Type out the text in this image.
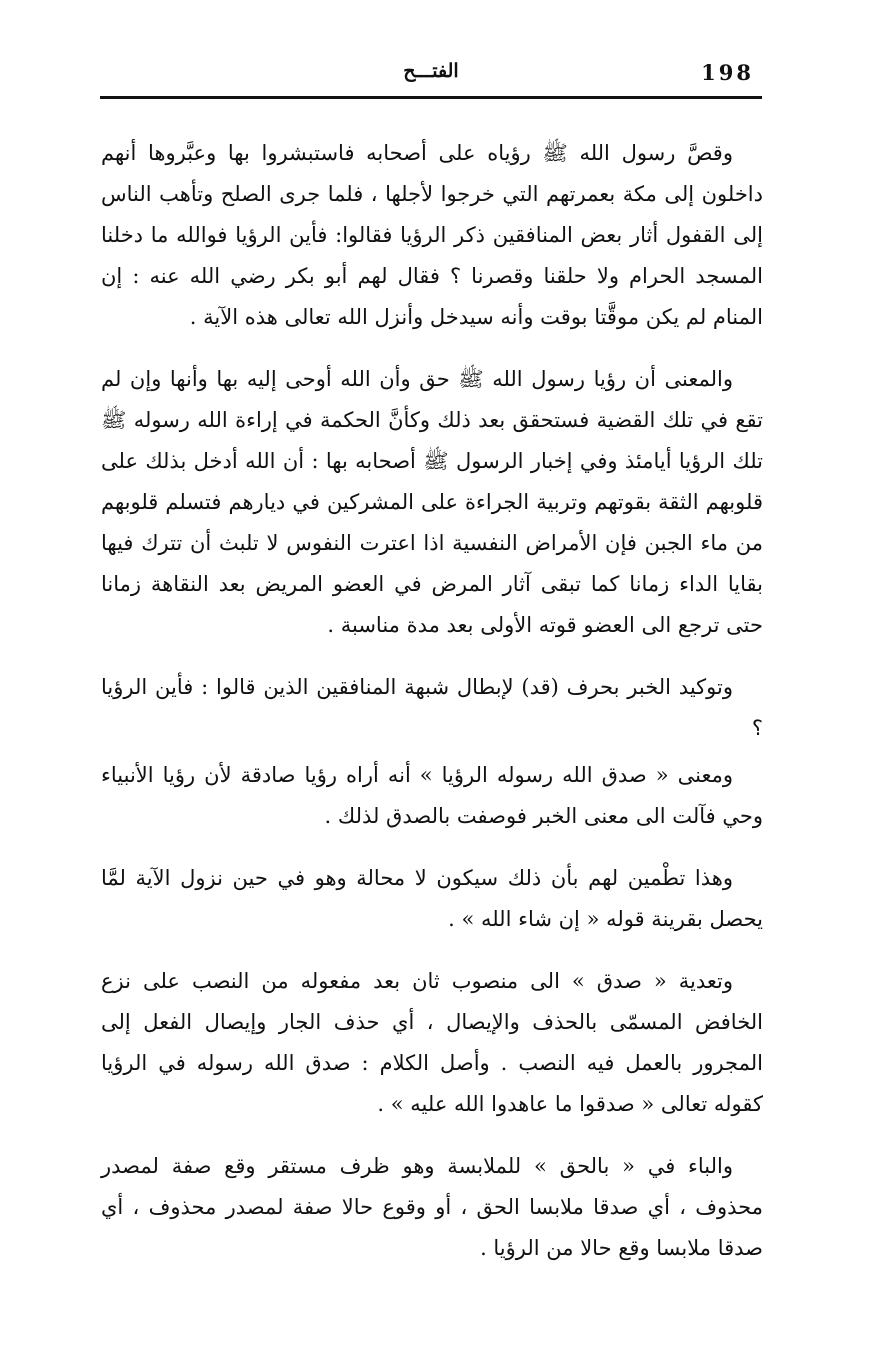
198
الفتـــح

وقصَّ رسول الله ﷺ رؤياه على أصحابه فاستبشروا بها وعبَّروها أنهم داخلون إلى مكة بعمرتهم التي خرجوا لأجلها ، فلما جرى الصلح وتأهب الناس إلى القفول أثار بعض المنافقين ذكر الرؤيا فقالوا: فأين الرؤيا فوالله ما دخلنا المسجد الحرام ولا حلقنا وقصرنا ؟ فقال لهم أبو بكر رضي الله عنه : إن المنام لم يكن موقَّتا بوقت وأنه سيدخل وأنزل الله تعالى هذه الآية .

والمعنى أن رؤيا رسول الله ﷺ حق وأن الله أوحى إليه بها وأنها وإن لم تقع في تلك القضية فستحقق بعد ذلك وكأنَّ الحكمة في إراءة الله رسوله ﷺ تلك الرؤيا أيامئذ وفي إخبار الرسول ﷺ أصحابه بها : أن الله أدخل بذلك على قلوبهم الثقة بقوتهم وتربية الجراءة على المشركين في ديارهم فتسلم قلوبهم من ماء الجبن فإن الأمراض النفسية اذا اعترت النفوس لا تلبث أن تترك فيها بقايا الداء زمانا كما تبقى آثار المرض في العضو المريض بعد النقاهة زمانا حتى ترجع الى العضو قوته الأولى بعد مدة مناسبة .

وتوكيد الخبر بحرف (قد) لإبطال شبهة المنافقين الذين قالوا : فأين الرؤيا ؟

ومعنى « صدق الله رسوله الرؤيا » أنه أراه رؤيا صادقة لأن رؤيا الأنبياء وحي فآلت الى معنى الخبر فوصفت بالصدق لذلك .

وهذا تطْمين لهم بأن ذلك سيكون لا محالة وهو في حين نزول الآية لمَّا يحصل بقرينة قوله « إن شاء الله » .

وتعدية « صدق » الى منصوب ثان بعد مفعوله من النصب على نزع الخافض المسمّى بالحذف والإيصال ، أي حذف الجار وإيصال الفعل إلى المجرور بالعمل فيه النصب . وأصل الكلام : صدق الله رسوله في الرؤيا كقوله تعالى « صدقوا ما عاهدوا الله عليه » .

والباء في « بالحق » للملابسة وهو ظرف مستقر وقع صفة لمصدر محذوف ، أي صدقا ملابسا الحق ، أو وقوع حالا صفة لمصدر محذوف ، أي صدقا ملابسا وقع حالا من الرؤيا .
